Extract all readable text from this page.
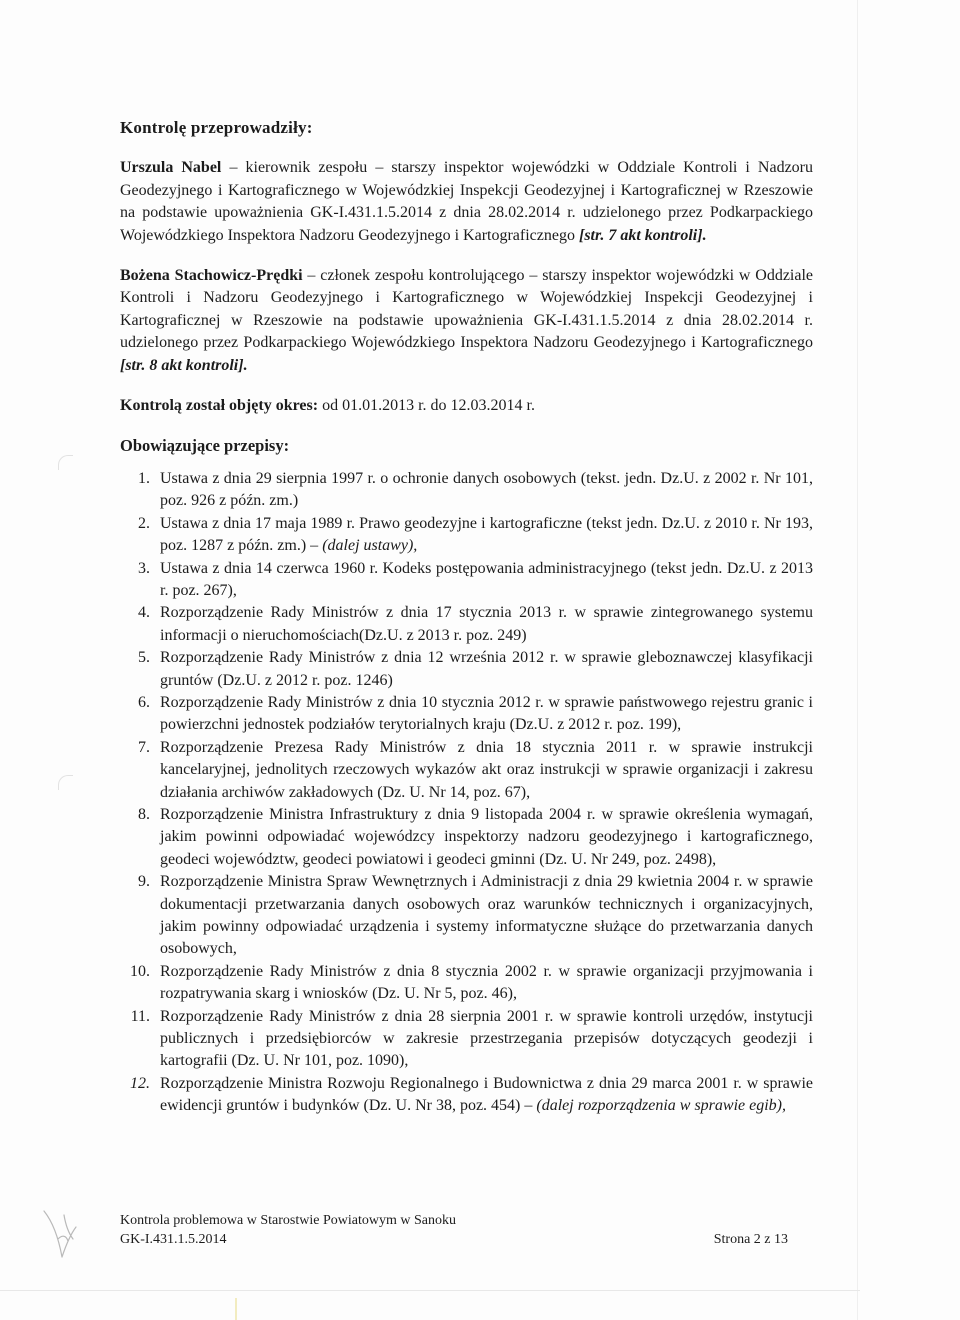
Kontrolę przeprowadziły:

Urszula Nabel – kierownik zespołu – starszy inspektor wojewódzki w Oddziale Kontroli i Nadzoru Geodezyjnego i Kartograficznego w Wojewódzkiej Inspekcji Geodezyjnej i Kartograficznej w Rzeszowie na podstawie upoważnienia GK-I.431.1.5.2014 z dnia 28.02.2014 r. udzielonego przez Podkarpackiego Wojewódzkiego Inspektora Nadzoru Geodezyjnego i Kartograficznego [str. 7 akt kontroli].

Bożena Stachowicz-Prędki – członek zespołu kontrolującego – starszy inspektor wojewódzki w Oddziale Kontroli i Nadzoru Geodezyjnego i Kartograficznego w Wojewódzkiej Inspekcji Geodezyjnej i Kartograficznej w Rzeszowie na podstawie upoważnienia GK-I.431.1.5.2014 z dnia 28.02.2014 r. udzielonego przez Podkarpackiego Wojewódzkiego Inspektora Nadzoru Geodezyjnego i Kartograficznego [str. 8 akt kontroli].

Kontrolą został objęty okres: od 01.01.2013 r. do 12.03.2014 r.

Obowiązujące przepisy:
1. Ustawa z dnia 29 sierpnia 1997 r. o ochronie danych osobowych (tekst. jedn. Dz.U. z 2002 r. Nr 101, poz. 926 z późn. zm.)
2. Ustawa z dnia 17 maja 1989 r. Prawo geodezyjne i kartograficzne (tekst jedn. Dz.U. z 2010 r. Nr 193, poz. 1287 z późn. zm.) – (dalej ustawy),
3. Ustawa z dnia 14 czerwca 1960 r. Kodeks postępowania administracyjnego (tekst jedn. Dz.U. z 2013 r. poz. 267),
4. Rozporządzenie Rady Ministrów z dnia 17 stycznia 2013 r. w sprawie zintegrowanego systemu informacji o nieruchomościach(Dz.U. z 2013 r. poz. 249)
5. Rozporządzenie Rady Ministrów z dnia 12 września 2012 r. w sprawie gleboznawczej klasyfikacji gruntów (Dz.U. z 2012 r. poz. 1246)
6. Rozporządzenie Rady Ministrów z dnia 10 stycznia 2012 r. w sprawie państwowego rejestru granic i powierzchni jednostek podziałów terytorialnych kraju (Dz.U. z 2012 r. poz. 199),
7. Rozporządzenie Prezesa Rady Ministrów z dnia 18 stycznia 2011 r. w sprawie instrukcji kancelaryjnej, jednolitych rzeczowych wykazów akt oraz instrukcji w sprawie organizacji i zakresu działania archiwów zakładowych (Dz. U. Nr 14, poz. 67),
8. Rozporządzenie Ministra Infrastruktury z dnia 9 listopada 2004 r. w sprawie określenia wymagań, jakim powinni odpowiadać wojewódzcy inspektorzy nadzoru geodezyjnego i kartograficznego, geodeci województw, geodeci powiatowi i geodeci gminni (Dz. U. Nr 249, poz. 2498),
9. Rozporządzenie Ministra Spraw Wewnętrznych i Administracji z dnia 29 kwietnia 2004 r. w sprawie dokumentacji przetwarzania danych osobowych oraz warunków technicznych i organizacyjnych, jakim powinny odpowiadać urządzenia i systemy informatyczne służące do przetwarzania danych osobowych,
10. Rozporządzenie Rady Ministrów z dnia 8 stycznia 2002 r. w sprawie organizacji przyjmowania i rozpatrywania skarg i wniosków (Dz. U. Nr 5, poz. 46),
11. Rozporządzenie Rady Ministrów z dnia 28 sierpnia 2001 r. w sprawie kontroli urzędów, instytucji publicznych i przedsiębiorców w zakresie przestrzegania przepisów dotyczących geodezji i kartografii (Dz. U. Nr 101, poz. 1090),
12. Rozporządzenie Ministra Rozwoju Regionalnego i Budownictwa z dnia 29 marca 2001 r. w sprawie ewidencji gruntów i budynków (Dz. U. Nr 38, poz. 454) – (dalej rozporządzenia w sprawie egib),
Kontrola problemowa w Starostwie Powiatowym w Sanoku
GK-I.431.1.5.2014	Strona 2 z 13
